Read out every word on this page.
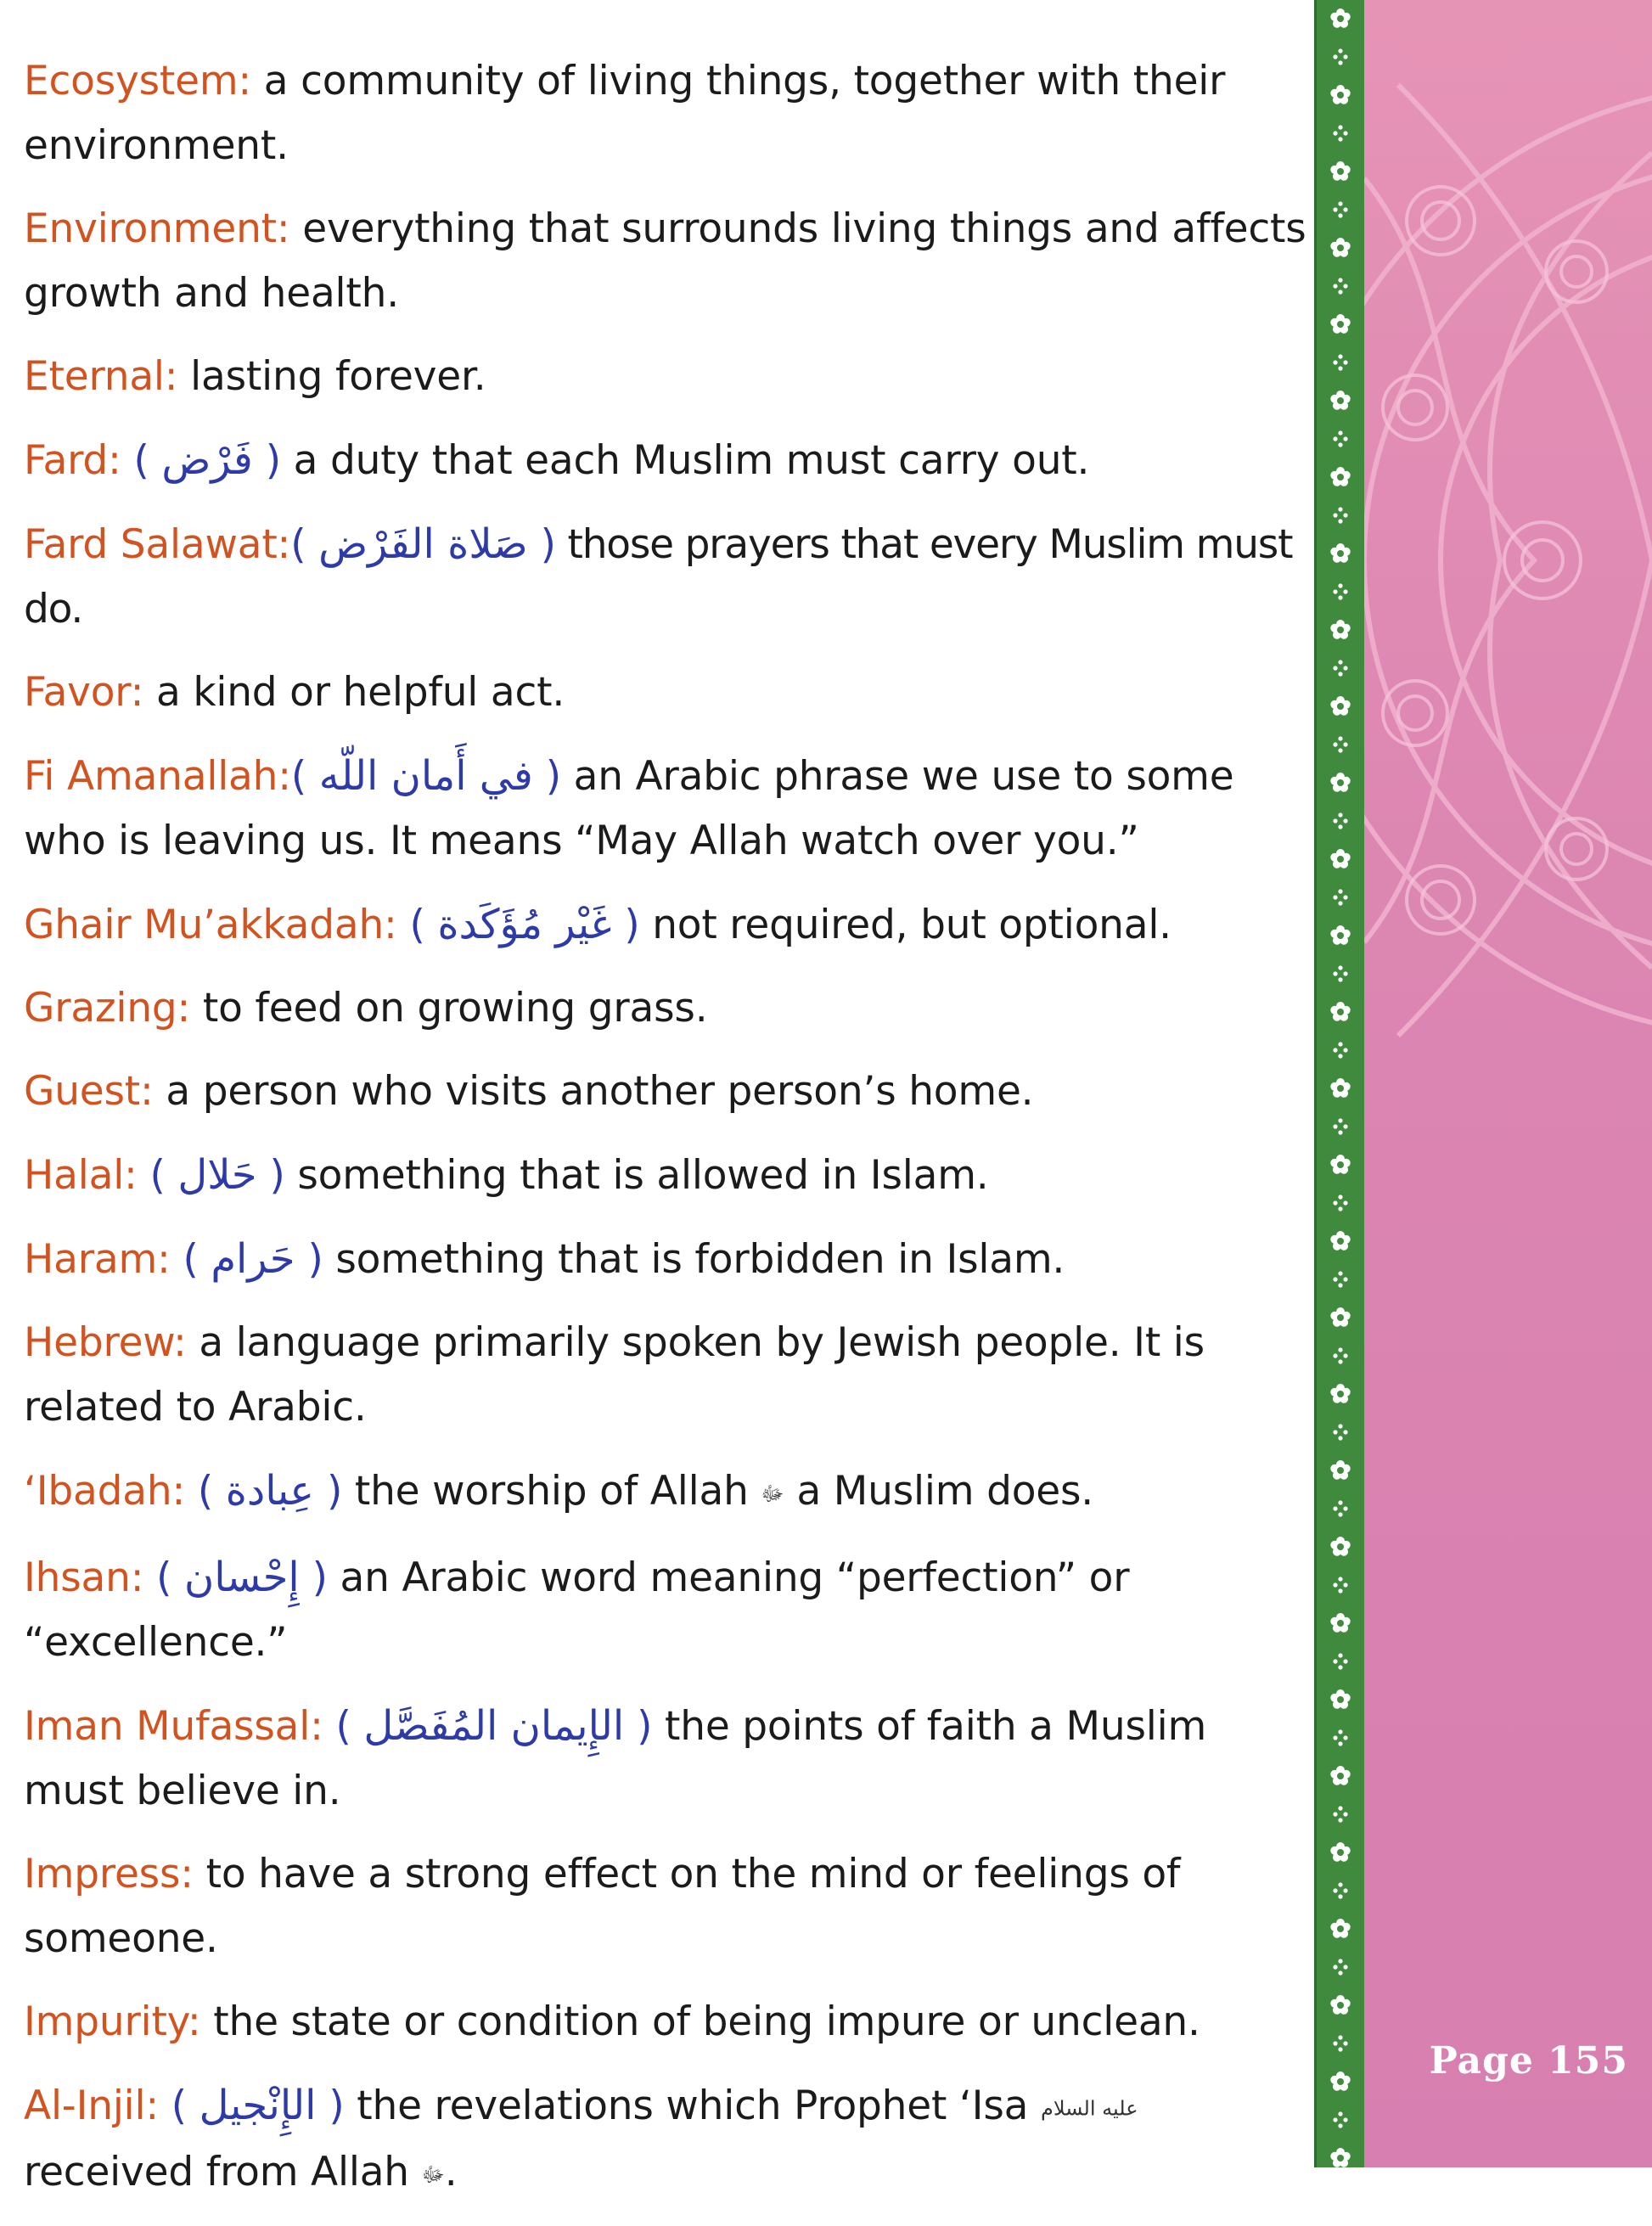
Ecosystem: a community of living things, together with their environment.

Environment: everything that surrounds living things and affects growth and health.

Eternal: lasting forever.

Fard: ( فَرْض ) a duty that each Muslim must carry out.

Fard Salawat:( صَلاة الفَرْض ) those prayers that every Muslim must do.

Favor: a kind or helpful act.

Fi Amanallah:( في أَمان اللّه ) an Arabic phrase we use to some who is leaving us. It means “May Allah watch over you.”

Ghair Mu’akkadah: ( غَيْر مُؤَكَدة ) not required, but optional.

Grazing: to feed on growing grass.

Guest: a person who visits another person’s home.

Halal: ( حَلال ) something that is allowed in Islam.

Haram: ( حَرام ) something that is forbidden in Islam.

Hebrew: a language primarily spoken by Jewish people. It is related to Arabic.

‘Ibadah: ( عِبادة ) the worship of Allah ﷻ a Muslim does.

Ihsan: ( إِحْسان ) an Arabic word meaning “perfection” or “excellence.”

Iman Mufassal: ( الإِيمان المُفَصَّل ) the points of faith a Muslim must believe in.

Impress: to have a strong effect on the mind or feelings of someone.

Impurity: the state or condition of being impure or unclean.

Al-Injil: ( الإِنْجيل ) the revelations which Prophet ‘Isa عليه السلام received from Allah ﷻ.

Page 155
